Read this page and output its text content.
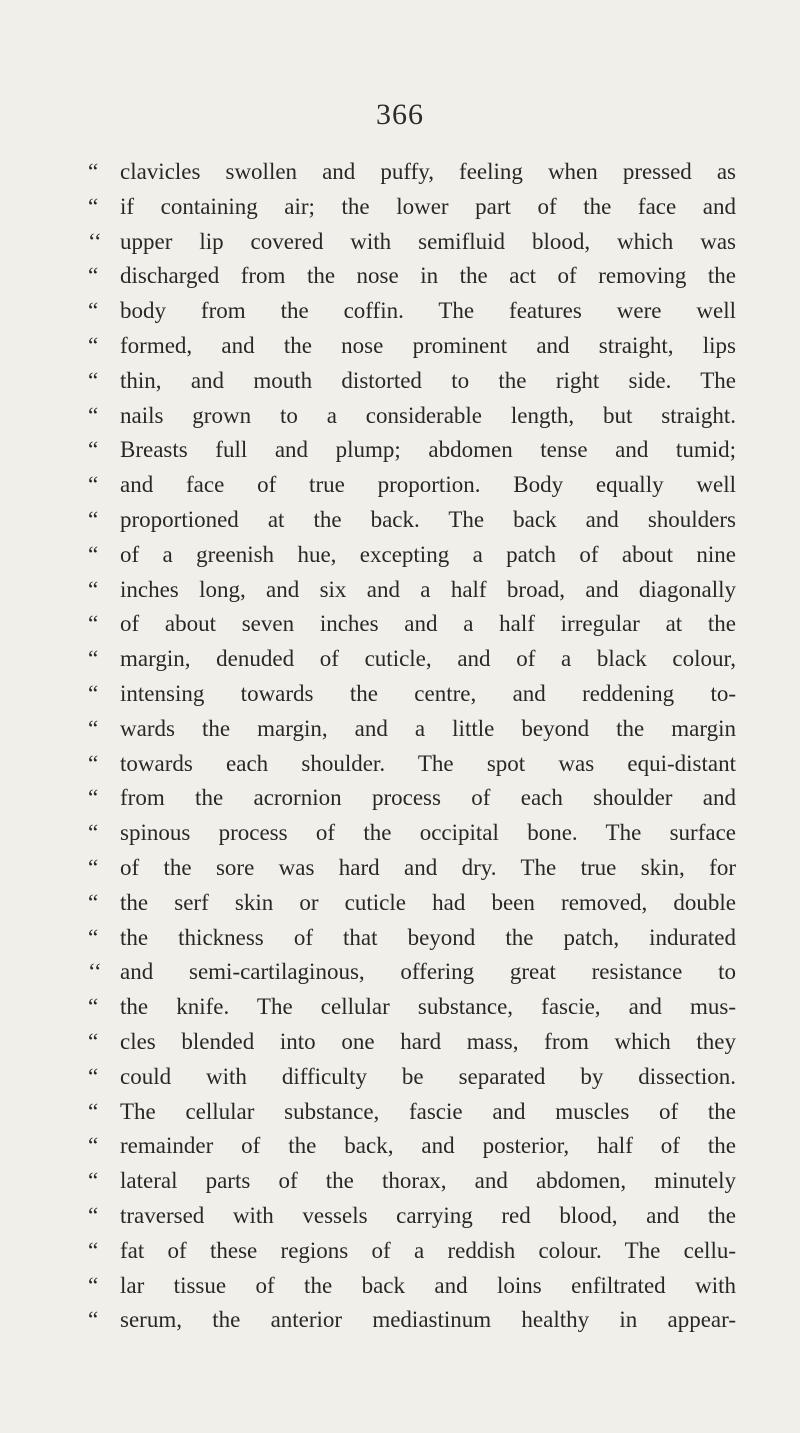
366
“ clavicles swollen and puffy, feeling when pressed as
“ if containing air; the lower part of the face and
‘‘ upper lip covered with semifluid blood, which was
“ discharged from the nose in the act of removing the
“ body from the coffin. The features were well
“ formed, and the nose prominent and straight, lips
“ thin, and mouth distorted to the right side. The
“ nails grown to a considerable length, but straight.
“ Breasts full and plump; abdomen tense and tumid;
“ and face of true proportion. Body equally well
“ proportioned at the back. The back and shoulders
“ of a greenish hue, excepting a patch of about nine
“ inches long, and six and a half broad, and diagonally
“ of about seven inches and a half irregular at the
“ margin, denuded of cuticle, and of a black colour,
“ intensing towards the centre, and reddening to-
“ wards the margin, and a little beyond the margin
“ towards each shoulder. The spot was equi-distant
“ from the acrornion process of each shoulder and
“ spinous process of the occipital bone. The surface
“ of the sore was hard and dry. The true skin, for
“ the serf skin or cuticle had been removed, double
“ the thickness of that beyond the patch, indurated
‘‘ and semi-cartilaginous, offering great resistance to
“ the knife. The cellular substance, fascie, and mus-
“ cles blended into one hard mass, from which they
“ could with difficulty be separated by dissection.
“ The cellular substance, fascie and muscles of the
“ remainder of the back, and posterior, half of the
“ lateral parts of the thorax, and abdomen, minutely
“ traversed with vessels carrying red blood, and the
“ fat of these regions of a reddish colour. The cellu-
“ lar tissue of the back and loins enfiltrated with
“ serum, the anterior mediastinum healthy in appear-
